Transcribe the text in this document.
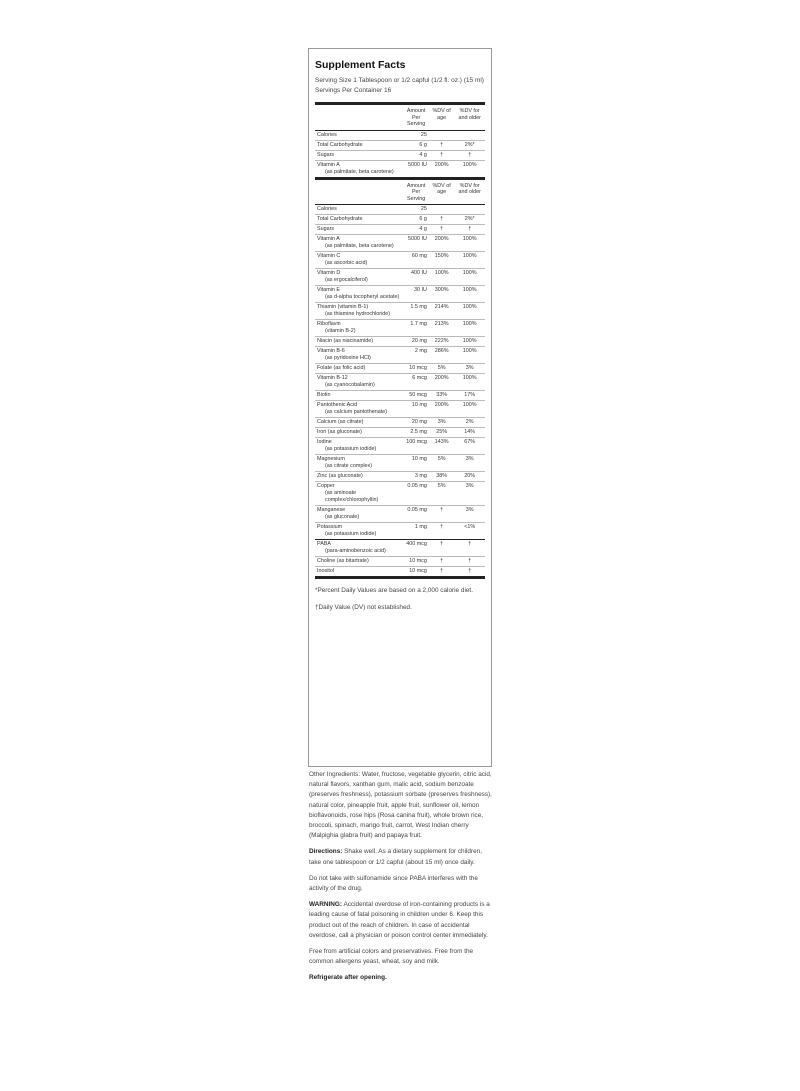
Supplement Facts
Serving Size 1 Tablespoon or 1/2 capful (1/2 fl. oz.) (15 ml)
Servings Per Container 16
	Amount Per Serving	%DV of age	%DV for and older
Calories	25		
Total Carbohydrate	6 g	†	2%*
Sugars	4 g	†	†
Vitamin A
(as palmitate, beta carotene)	5000 IU	200%	100%
	Amount Per Serving	%DV of age	%DV for and older
Calories	25		
Total Carbohydrate	6 g	†	2%*
Sugars	4 g	†	†
Vitamin A
(as palmitate, beta carotene)	5000 IU	200%	100%
Vitamin C
(as ascorbic acid)	60 mg	150%	100%
Vitamin D
(as ergocalciferol)	400 IU	100%	100%
Vitamin E
(as d-alpha tocopheryl acetate)	30 IU	300%	100%
Thiamin (vitamin B-1)
(as thiamine hydrochloride)	1.5 mg	214%	100%
Riboflavin
(vitamin B-2)	1.7 mg	213%	100%
Niacin (as niacinamide)	20 mg	222%	100%
Vitamin B-6
(as pyridoxine HCl)	2 mg	286%	100%
Folate (as folic acid)	10 mcg	5%	3%
Vitamin B-12
(as cyanocobalamin)	6 mcg	200%	100%
Biotin	50 mcg	33%	17%
Pantothenic Acid
(as calcium pantothenate)	10 mg	200%	100%
Calcium (as citrate)	20 mg	3%	2%
Iron (as gluconate)	2.5 mg	25%	14%
Iodine
(as potassium iodide)	100 mcg	143%	67%
Magnesium
(as citrate complex)	10 mg	5%	3%
Zinc (as gluconate)	3 mg	38%	20%
Copper
(as aminoate complex/chlorophyllin)	0.05 mg	5%	3%
Manganese
(as gluconate)	0.05 mg	†	3%
Potassium
(as potassium iodide)	1 mg	†	<1%
PABA
(para-aminobenzoic acid)	400 mcg	†	†
Choline (as bitartrate)	10 mcg	†	†
Inositol	10 mcg	†	†

*Percent Daily Values are based on a 2,000 calorie diet.

†Daily Value (DV) not established.

Other Ingredients: Water, fructose, vegetable glycerin, citric acid, natural flavors, xanthan gum, malic acid, sodium benzoate (preserves freshness), potassium sorbate (preserves freshness), natural color, pineapple fruit, apple fruit, sunflower oil, lemon bioflavonoids, rose hips (Rosa canina fruit), whole brown rice, broccoli, spinach, mango fruit, carrot, West Indian cherry (Malpighia glabra fruit) and papaya fruit.

Directions: Shake well. As a dietary supplement for children, take one tablespoon or 1/2 capful (about 15 ml) once daily.

Do not take with sulfonamide since PABA interferes with the activity of the drug.

WARNING: Accidental overdose of iron-containing products is a leading cause of fatal poisoning in children under 6. Keep this product out of the reach of children. In case of accidental overdose, call a physician or poison control center immediately.

Free from artificial colors and preservatives. Free from the common allergens yeast, wheat, soy and milk.

Refrigerate after opening.
